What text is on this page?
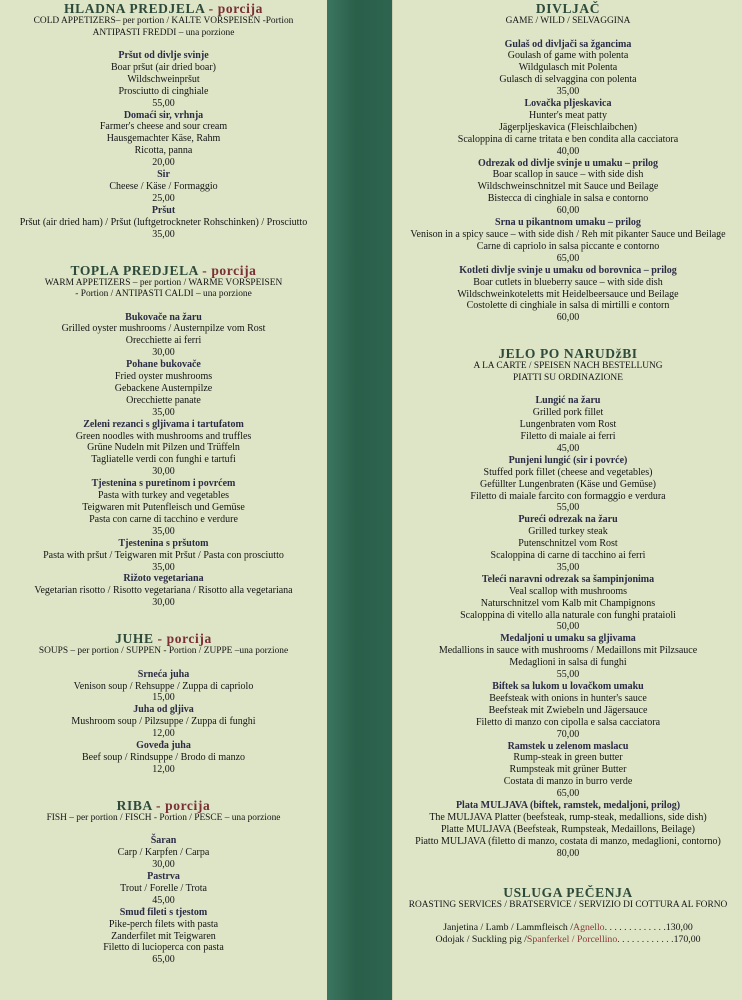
HLADNA PREDJELA - porcija
COLD APPETIZERS– per portion / KALTE VORSPEISEN -Portion
ANTIPASTI FREDDI – una porzione
Pršut od divlje svinje
Boar pršut (air dried boar)
Wildschweinpršut
Prosciutto di cinghiale
55,00
Domaći sir, vrhnja
Farmer's cheese and sour cream
Hausgemachter Käse, Rahm
Ricotta, panna
20,00
Sir
Cheese / Käse / Formaggio
25,00
Pršut
Pršut (air dried ham) / Pršut (luftgetrockneter Rohschinken) / Prosciutto
35,00
TOPLA PREDJELA - porcija
WARM APPETIZERS – per portion / WARME VORSPEISEN
- Portion / ANTIPASTI CALDI – una porzione
Bukovače na žaru
Grilled oyster mushrooms / Austernpilze vom Rost
Orecchiette ai ferri
30,00
Pohane bukovače
Fried oyster mushrooms
Gebackene Austernpilze
Orecchiette panate
35,00
Zeleni rezanci s gljivama i tartufatom
Green noodles with mushrooms and truffles
Grüne Nudeln mit Pilzen und Trüffeln
Tagliatelle verdi con funghi e tartufi
30,00
Tjestenina s puretinom i povrćem
Pasta with turkey and vegetables
Teigwaren mit Putenfleisch und Gemüse
Pasta con carne di tacchino e verdure
35,00
Tjestenina s pršutom
Pasta with pršut / Teigwaren mit Pršut / Pasta con prosciutto
35,00
Rižoto vegetariana
Vegetarian risotto / Risotto vegetariana / Risotto alla vegetariana
30,00
JUHE - porcija
SOUPS – per portion / SUPPEN - Portion / ZUPPE –una porzione
Srneća juha
Venison soup / Rehsuppe / Zuppa di capriolo
15,00
Juha od gljiva
Mushroom soup / Pilzsuppe / Zuppa di funghi
12,00
Goveđa juha
Beef soup / Rindsuppe / Brodo di manzo
12,00
RIBA - porcija
FISH – per portion / FISCH - Portion / PESCE – una porzione
Šaran
Carp / Karpfen / Carpa
30,00
Pastrva
Trout / Forelle / Trota
45,00
Smuđ fileti s tjestom
Pike-perch filets with pasta
Zanderfilet mit Teigwaren
Filetto di lucioperca con pasta
65,00
DIVLJAČ
GAME / WILD / SELVAGGINA
Gulaš od divljači sa žgancima
Goulash of game with polenta
Wildgulasch mit Polenta
Gulasch di selvaggina con polenta
35,00
Lovačka pljeskavica
Hunter's meat patty
Jägerpljeskavica (Fleischlaibchen)
Scaloppina di carne tritata e ben condita alla cacciatora
40,00
Odrezak od divlje svinje u umaku – prilog
Boar scallop in sauce – with side dish
Wildschweinschnitzel mit Sauce und Beilage
Bistecca di cinghiale in salsa e contorno
60,00
Srna u pikantnom umaku – prilog
Venison in a spicy sauce – with side dish / Reh mit pikanter Sauce und Beilage
Carne di capriolo in salsa piccante e contorno
65,00
Kotleti divlje svinje u umaku od borovnica – prilog
Boar cutlets in blueberry sauce – with side dish
Wildschweinkoteletts mit Heidelbeersauce und Beilage
Costolette di cinghiale in salsa di mirtilli e contorn
60,00
JELO PO NARUDžBI
A LA CARTE / SPEISEN NACH BESTELLUNG
PIATTI SU ORDINAZIONE
Lungić na žaru
Grilled pork fillet
Lungenbraten vom Rost
Filetto di maiale ai ferri
45,00
Punjeni lungić (sir i povrće)
Stuffed pork fillet (cheese and vegetables)
Gefüllter Lungenbraten (Käse und Gemüse)
Filetto di maiale farcito con formaggio e verdura
55,00
Pureći odrezak na žaru
Grilled turkey steak
Putenschnitzel vom Rost
Scaloppina di carne di tacchino ai ferri
35,00
Teleći naravni odrezak sa šampinjonima
Veal scallop with mushrooms
Naturschnitzel vom Kalb mit Champignons
Scaloppina di vitello alla naturale con funghi prataioli
50,00
Medaljoni u umaku sa gljivama
Medallions in sauce with mushrooms / Medaillons mit Pilzsauce
Medaglioni in salsa di funghi
55,00
Biftek sa lukom u lovačkom umaku
Beefsteak with onions in hunter's sauce
Beefsteak mit Zwiebeln und Jägersauce
Filetto di manzo con cipolla e salsa cacciatora
70,00
Ramstek u zelenom maslacu
Rump-steak in green butter
Rumpsteak mit grüner Butter
Costata di manzo in burro verde
65,00
Plata MULJAVA (biftek, ramstek, medaljoni, prilog)
The MULJAVA Platter (beefsteak, rump-steak, medallions, side dish)
Platte MULJAVA (Beefsteak, Rumpsteak, Medaillons, Beilage)
Piatto MULJAVA (filetto di manzo, costata di manzo, medaglioni, contorno)
80,00
USLUGA PEČENJA
ROASTING SERVICES / BRATSERVICE / SERVIZIO DI COTTURA AL FORNO
Janjetina / Lamb / Lammfleisch / Agnello . . . . . . . . . . . . . 130,00
Odojak / Suckling pig / Spanferkel / Porcellino . . . . . . . . . . . . 170,00
